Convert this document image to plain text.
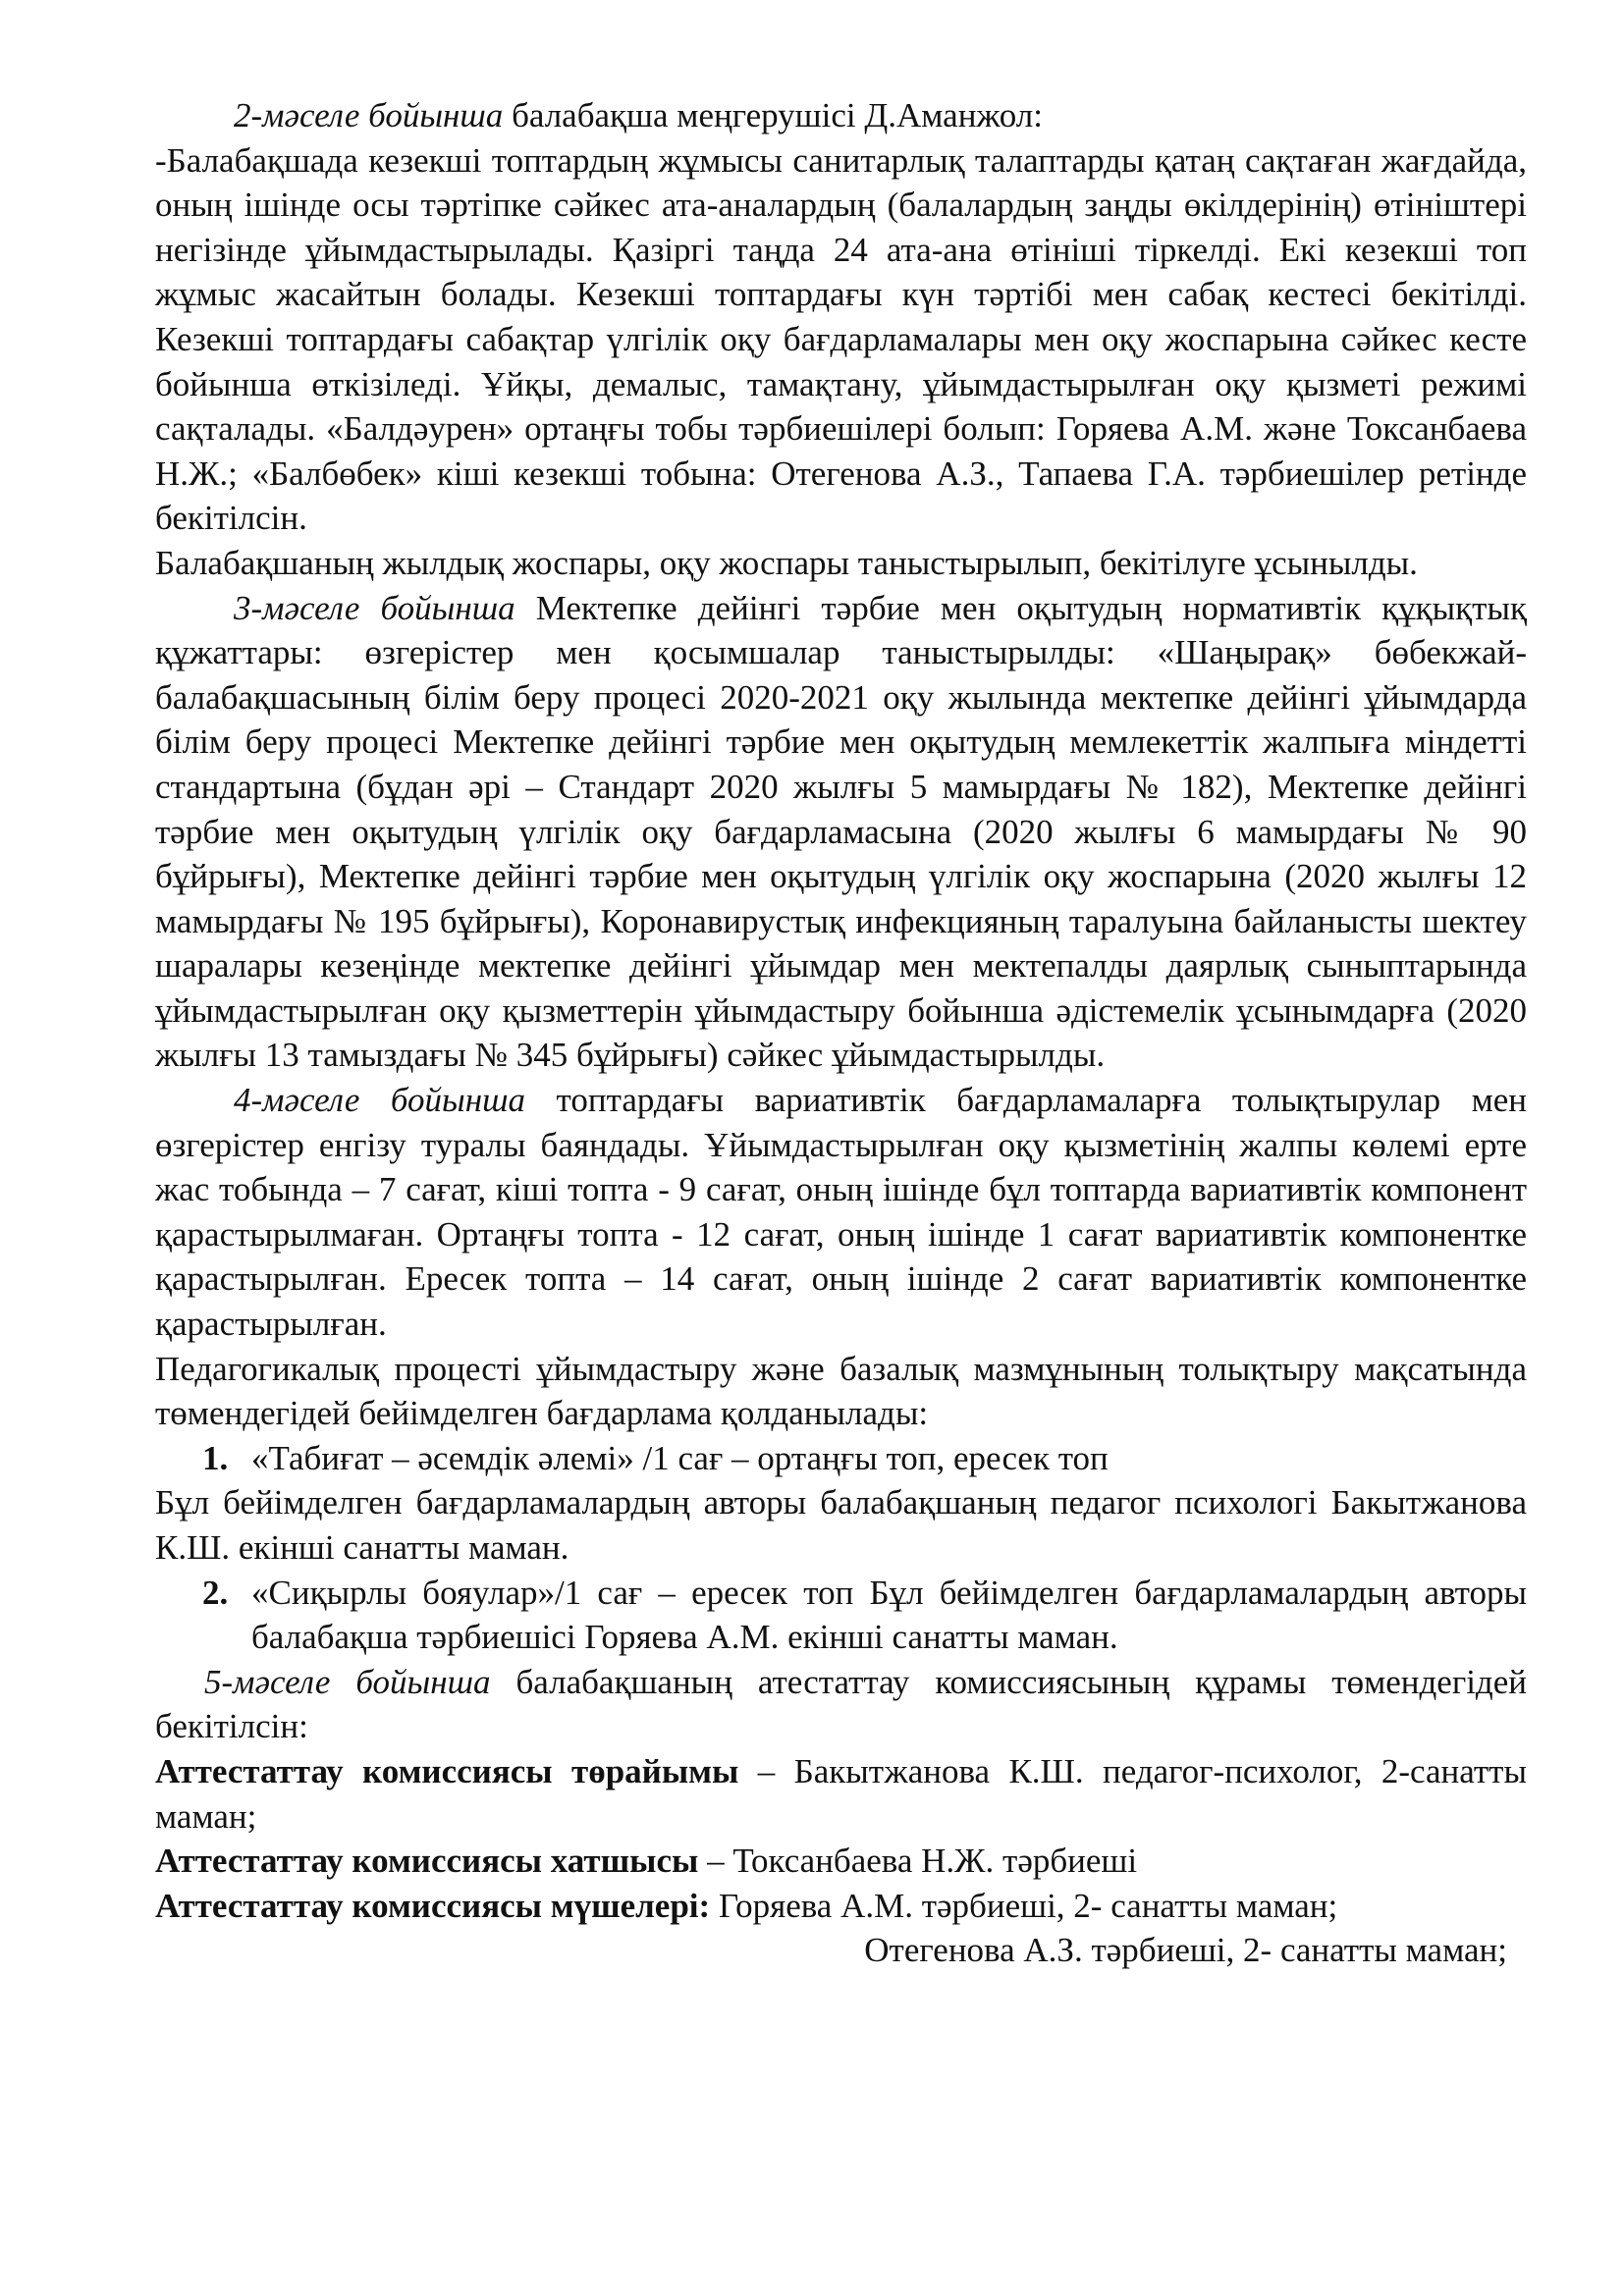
2-мәселе бойынша балабақша меңгерушісі Д.Аманжол:

-Балабақшада кезекші топтардың жұмысы санитарлық талаптарды қатаң сақтаған жағдайда, оның ішінде осы тәртіпке сәйкес ата-аналардың (балалардың заңды өкілдерінің) өтініштері негізінде ұйымдастырылады. Қазіргі таңда 24 ата-ана өтініші тіркелді. Екі кезекші топ жұмыс жасайтын болады. Кезекші топтардағы күн тәртібі мен сабақ кестесі бекітілді. Кезекші топтардағы сабақтар үлгілік оқу бағдарламалары мен оқу жоспарына сәйкес кесте бойынша өткізіледі. Ұйқы, демалыс, тамақтану, ұйымдастырылған оқу қызметі режимі сақталады. «Балдәурен» ортаңғы тобы тәрбиешілері болып: Горяева А.М. және Токсанбаева Н.Ж.; «Балбөбек» кіші кезекші тобына: Отегенова А.З., Тапаева Г.А. тәрбиешілер ретінде бекітілсін.

Балабақшаның жылдық жоспары, оқу жоспары таныстырылып, бекітілуге ұсынылды.

3-мәселе бойынша Мектепке дейінгі тәрбие мен оқытудың нормативтік құқықтық құжаттары: өзгерістер мен қосымшалар таныстырылды: «Шаңырақ» бөбекжай-балабақшасының білім беру процесі 2020-2021 оқу жылында мектепке дейінгі ұйымдарда білім беру процесі Мектепке дейінгі тәрбие мен оқытудың мемлекеттік жалпыға міндетті стандартына (бұдан әрі – Стандарт 2020 жылғы 5 мамырдағы № 182), Мектепке дейінгі тәрбие мен оқытудың үлгілік оқу бағдарламасына (2020 жылғы 6 мамырдағы № 90 бұйрығы), Мектепке дейінгі тәрбие мен оқытудың үлгілік оқу жоспарына (2020 жылғы 12 мамырдағы № 195 бұйрығы), Коронавирустық инфекцияның таралуына байланысты шектеу шаралары кезеңінде мектепке дейінгі ұйымдар мен мектепалды даярлық сыныптарында ұйымдастырылған оқу қызметтерін ұйымдастыру бойынша әдістемелік ұсынымдарға (2020 жылғы 13 тамыздағы № 345 бұйрығы) сәйкес ұйымдастырылды.

4-мәселе бойынша топтардағы вариативтік бағдарламаларға толықтырулар мен өзгерістер енгізу туралы баяндады. Ұйымдастырылған оқу қызметінің жалпы көлемі ерте жас тобында – 7 сағат, кіші топта - 9 сағат, оның ішінде бұл топтарда вариативтік компонент қарастырылмаған. Ортаңғы топта - 12 сағат, оның ішінде 1 сағат вариативтік компонентке қарастырылған. Ересек топта – 14 сағат, оның ішінде 2 сағат вариативтік компонентке қарастырылған.

Педагогикалық процесті ұйымдастыру және базалық мазмұнының толықтыру мақсатында төмендегідей бейімделген бағдарлама қолданылады:

1. «Табиғат – әсемдік әлемі» /1 сағ – ортаңғы топ, ересек топ

Бұл бейімделген бағдарламалардың авторы балабақшаның педагог психологі Бакытжанова К.Ш. екінші санатты маман.

2. «Сиқырлы бояулар»/1 сағ – ересек топ Бұл бейімделген бағдарламалардың авторы балабақша тәрбиешісі Горяева А.М. екінші санатты маман.

5-мәселе бойынша балабақшаның атестаттау комиссиясының құрамы төмендегідей бекітілсін:

Аттестаттау комиссиясы төрайымы – Бакытжанова К.Ш. педагог-психолог, 2-санатты маман;

Аттестаттау комиссиясы хатшысы – Токсанбаева Н.Ж. тәрбиеші

Аттестаттау комиссиясы мүшелері: Горяева А.М. тәрбиеші, 2- санатты маман;

Отегенова А.З. тәрбиеші, 2- санатты маман;
